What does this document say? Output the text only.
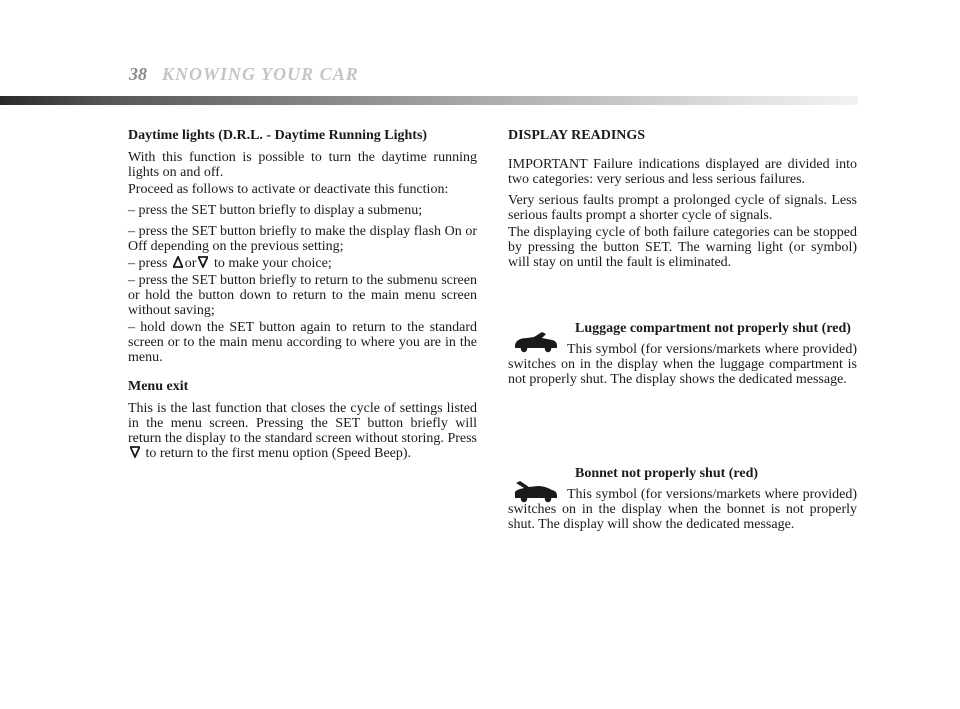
38 KNOWING YOUR CAR
Daytime lights (D.R.L. - Daytime Running Lights)

With this function is possible to turn the daytime running lights on and off.

Proceed as follows to activate or deactivate this function:

– press the SET button briefly to display a submenu;

– press the SET button briefly to make the display flash On or Off depending on the previous setting;

– press or to make your choice;

– press the SET button briefly to return to the submenu screen or hold the button down to return to the main menu screen without saving;

– hold down the SET button again to return to the standard screen or to the main menu according to where you are in the menu.

Menu exit

This is the last function that closes the cycle of settings listed in the menu screen. Pressing the SET button briefly will return the display to the standard screen without storing. Press  to return to the first menu option (Speed Beep).

DISPLAY READINGS

IMPORTANT Failure indications displayed are divided into two categories: very serious and less serious failures.

Very serious faults prompt a prolonged cycle of signals. Less serious faults prompt a shorter cycle of signals.

The displaying cycle of both failure categories can be stopped by pressing the button SET. The warning light (or symbol) will stay on until the fault is eliminated.

Luggage compartment not properly shut (red)

This symbol (for versions/markets where provided) switches on in the display when the luggage compartment is not properly shut. The display shows the dedicated message.

Bonnet not properly shut (red)

This symbol (for versions/markets where provided) switches on in the display when the bonnet is not properly shut. The display will show the dedicated message.
